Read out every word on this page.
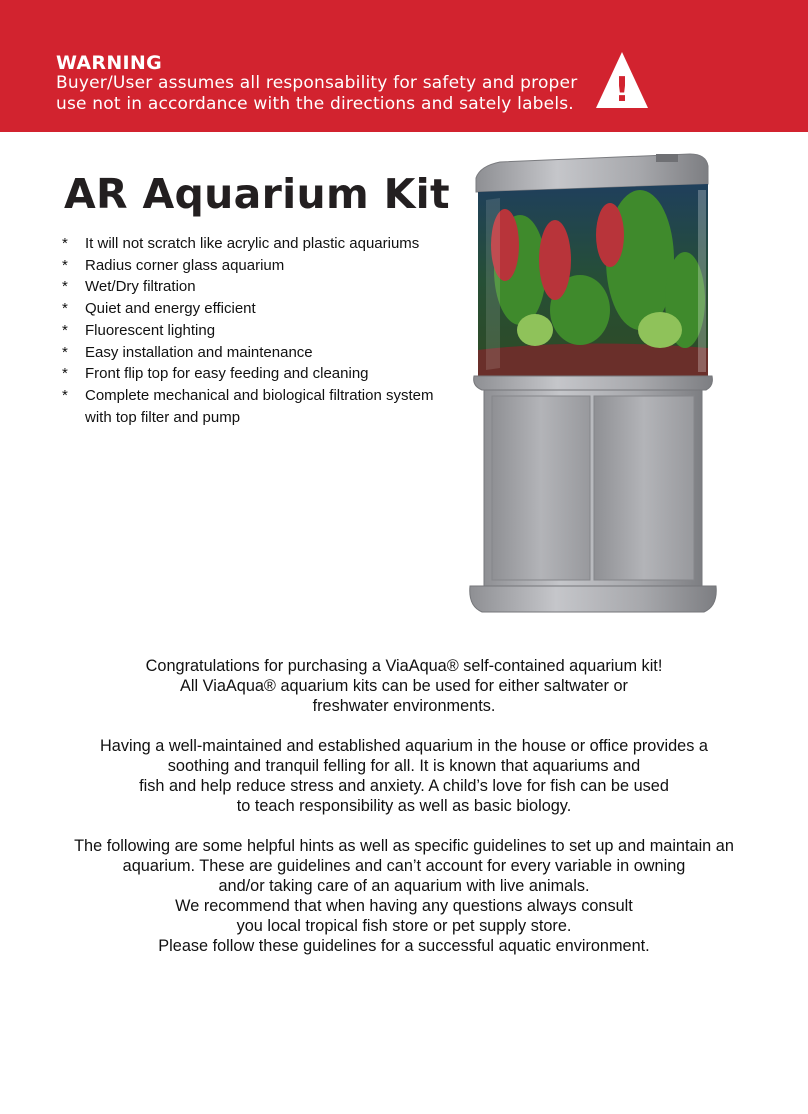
WARNING
Buyer/User assumes all responsability for safety and proper use not in accordance with the directions and sately labels.	!
AR Aquarium Kit
* It will not scratch like acrylic and plastic aquariums
* Radius corner glass aquarium
* Wet/Dry filtration
* Quiet and energy efficient
* Fluorescent lighting
* Easy installation and maintenance
* Front flip top for easy feeding and cleaning
* Complete mechanical and biological filtration system with top filter and pump
Congratulations for purchasing a ViaAqua® self-contained aquarium kit!
All ViaAqua® aquarium kits can be used for either saltwater or
freshwater environments.
Having a well-maintained and established aquarium in the house or office provides a
soothing and tranquil felling for all. It is known that aquariums and
fish and help reduce stress and anxiety. A child’s love for fish can be used
to teach responsibility as well as basic biology.
The following are some helpful hints as well as specific guidelines to set up and maintain an
aquarium. These are guidelines and can’t account for every variable in owning
and/or taking care of an aquarium with live animals.
We recommend that when having any questions always consult
you local tropical fish store or pet supply store.
Please follow these guidelines for a successful aquatic environment.
